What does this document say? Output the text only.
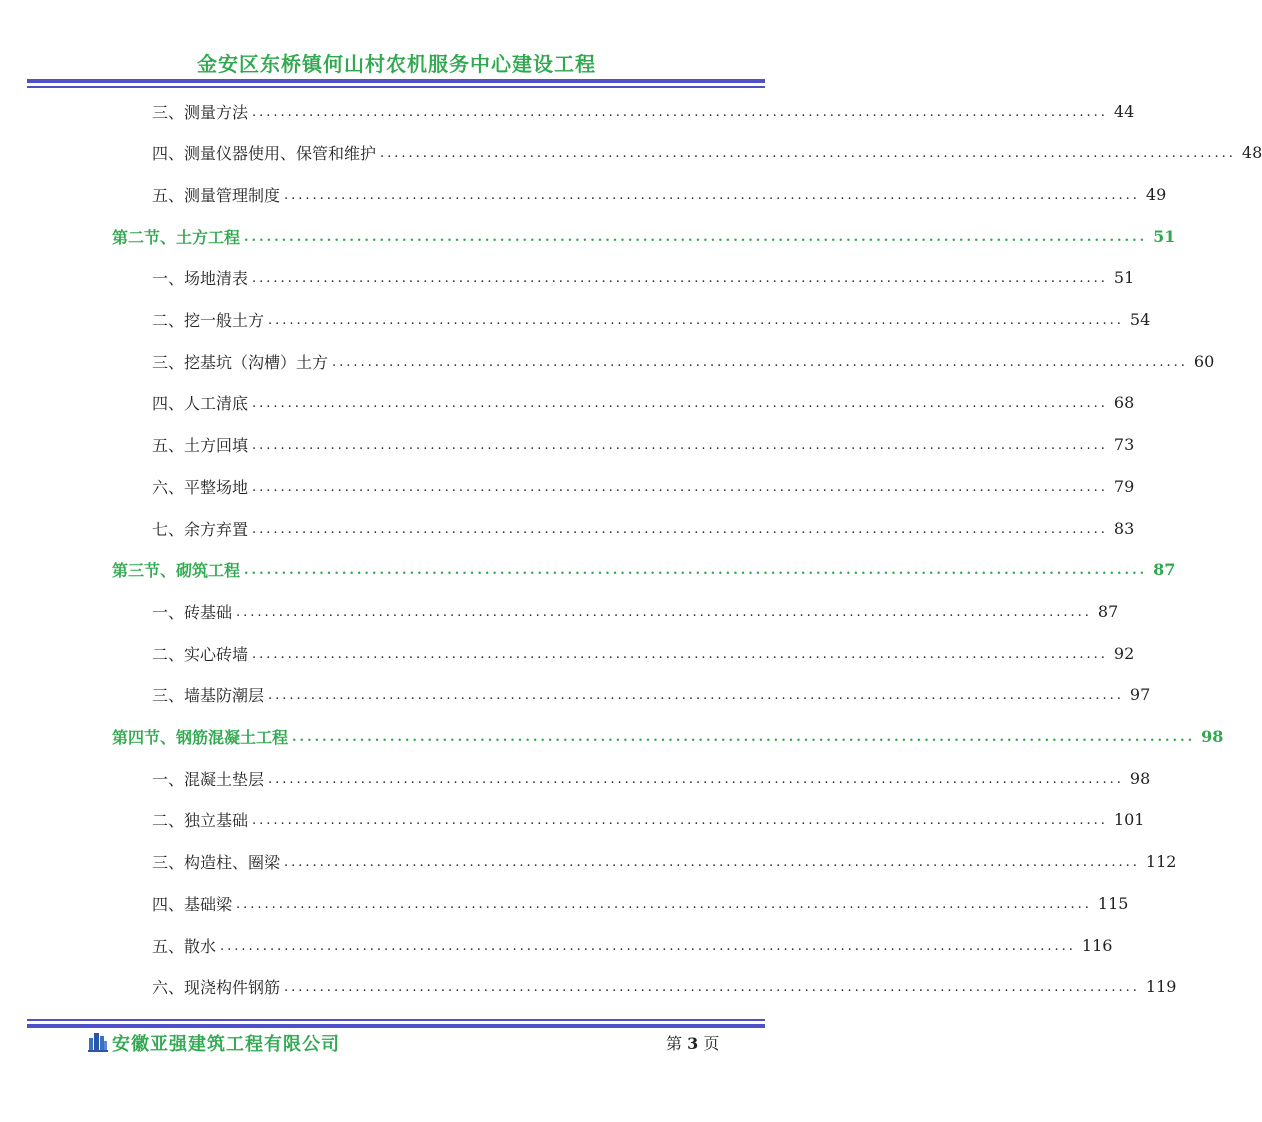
金安区东桥镇何山村农机服务中心建设工程
三、测量方法 ........................................................................................................................ 44
四、测量仪器使用、保管和维护 ........................................................................................................................ 48
五、测量管理制度 ........................................................................................................................ 49
第二节、土方工程 ........................................................................................................................ 51
一、场地清表 ........................................................................................................................ 51
二、挖一般土方 ........................................................................................................................ 54
三、挖基坑（沟槽）土方 ........................................................................................................................ 60
四、人工清底 ........................................................................................................................ 68
五、土方回填 ........................................................................................................................ 73
六、平整场地 ........................................................................................................................ 79
七、余方弃置 ........................................................................................................................ 83
第三节、砌筑工程 ........................................................................................................................ 87
一、砖基础 ........................................................................................................................ 87
二、实心砖墙 ........................................................................................................................ 92
三、墙基防潮层 ........................................................................................................................ 97
第四节、钢筋混凝土工程 ........................................................................................................................ 98
一、混凝土垫层 ........................................................................................................................ 98
二、独立基础 ........................................................................................................................ 101
三、构造柱、圈梁 ........................................................................................................................ 112
四、基础梁 ........................................................................................................................ 115
五、散水 ........................................................................................................................ 116
六、现浇构件钢筋 ........................................................................................................................ 119
安徽亚强建筑工程有限公司	第 3 页
